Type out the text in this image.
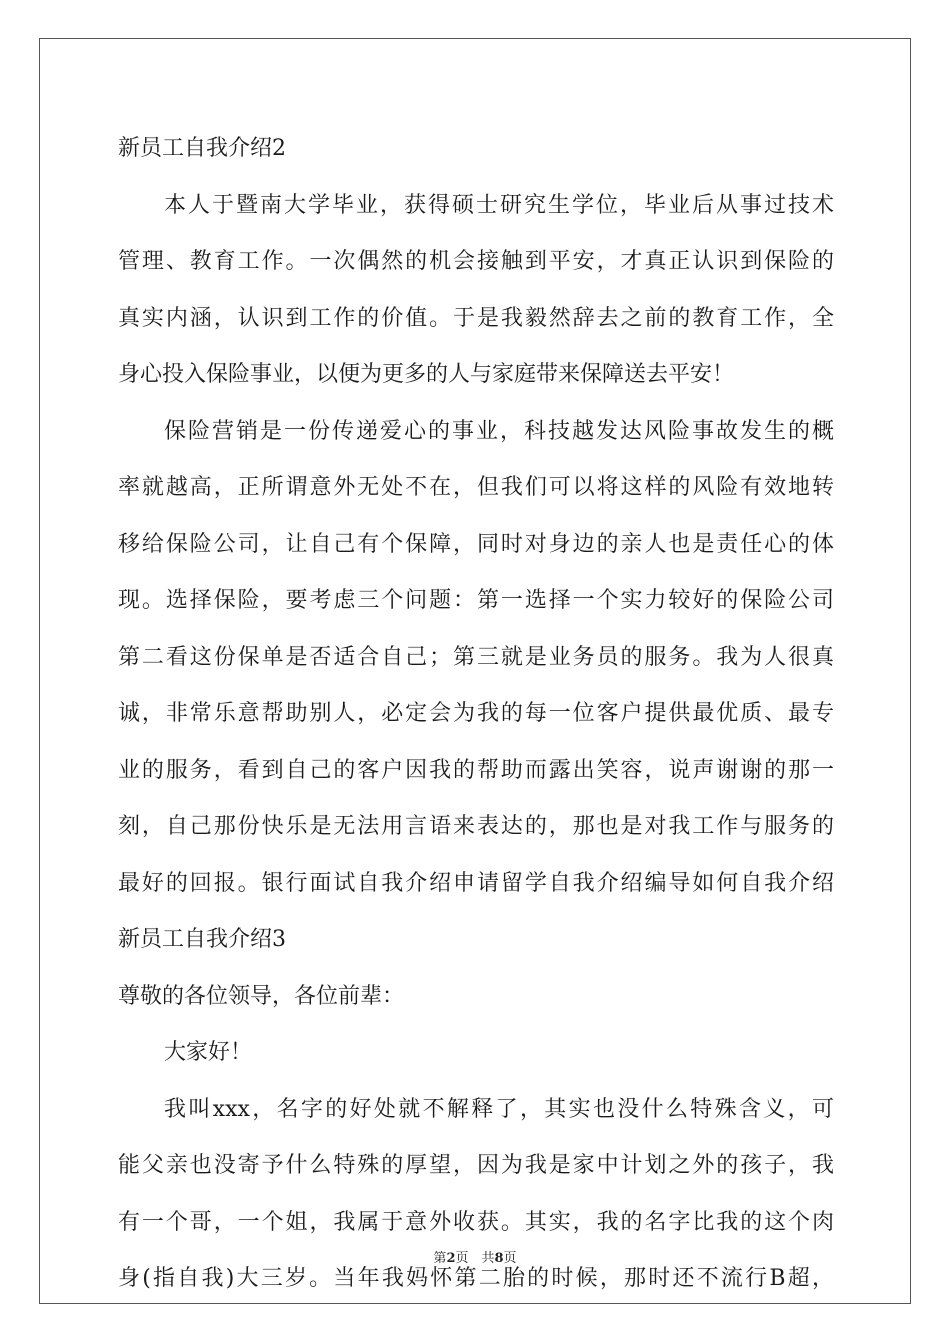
新员工自我介绍2
本人于暨南大学毕业，获得硕士研究生学位，毕业后从事过技术
管理、教育工作。一次偶然的机会接触到平安，才真正认识到保险的
真实内涵，认识到工作的价值。于是我毅然辞去之前的教育工作，全
身心投入保险事业，以便为更多的人与家庭带来保障送去平安！
保险营销是一份传递爱心的事业，科技越发达风险事故发生的概
率就越高，正所谓意外无处不在，但我们可以将这样的风险有效地转
移给保险公司，让自己有个保障，同时对身边的亲人也是责任心的体
现。选择保险，要考虑三个问题：第一选择一个实力较好的保险公司
第二看这份保单是否适合自己；第三就是业务员的服务。我为人很真
诚，非常乐意帮助别人，必定会为我的每一位客户提供最优质、最专
业的服务，看到自己的客户因我的帮助而露出笑容，说声谢谢的那一
刻，自己那份快乐是无法用言语来表达的，那也是对我工作与服务的
最好的回报。银行面试自我介绍申请留学自我介绍编导如何自我介绍
新员工自我介绍3
尊敬的各位领导，各位前辈：
大家好！
我叫xxx，名字的好处就不解释了，其实也没什么特殊含义，可
能父亲也没寄予什么特殊的厚望，因为我是家中计划之外的孩子，我
有一个哥，一个姐，我属于意外收获。其实，我的名字比我的这个肉
身(指自我)大三岁。当年我妈怀第二胎的时候，那时还不流行B超，
第2页　共8页
